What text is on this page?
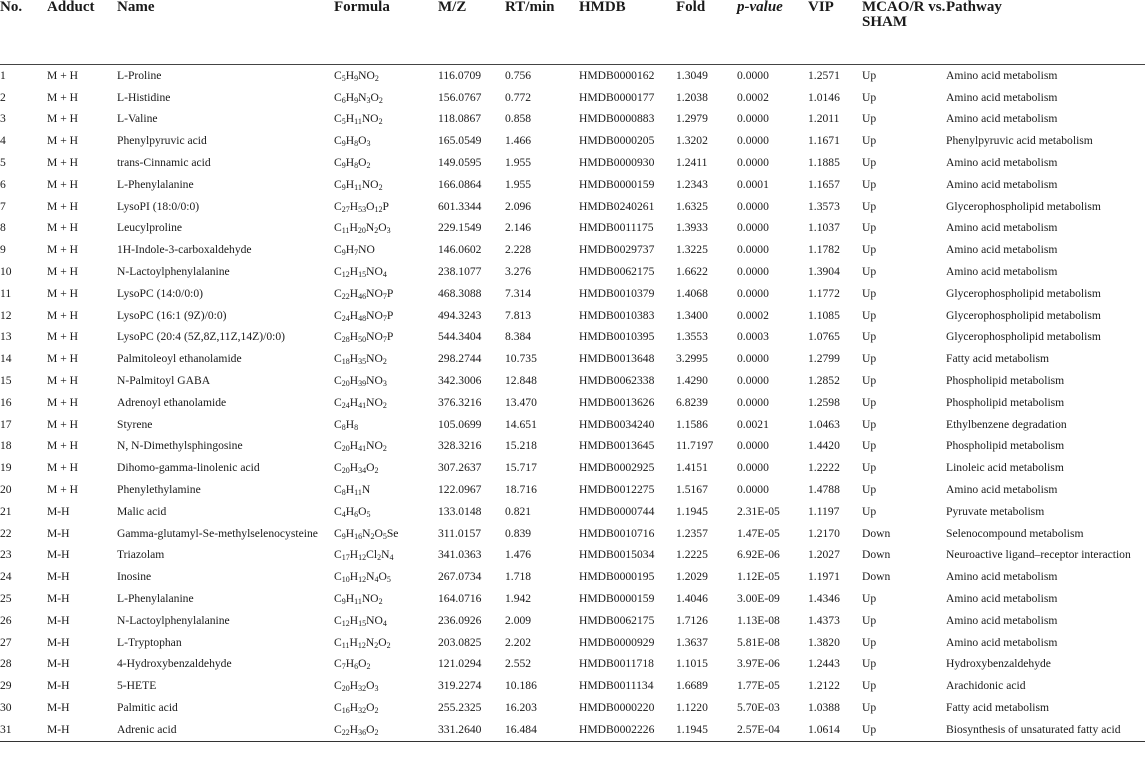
No.	Adduct	Name	Formula	M/Z	RT/min	HMDB	Fold	p-value	VIP	MCAO/R vs. SHAM	Pathway
1	M + H	L-Proline	$C_5H_9NO_2$	116.0709	0.756	HMDB0000162	1.3049	0.0000	1.2571	Up	Amino acid metabolism
2	M + H	L-Histidine	$C_6H_9N_3O_2$	156.0767	0.772	HMDB0000177	1.2038	0.0002	1.0146	Up	Amino acid metabolism
3	M + H	L-Valine	$C_5H_{11}NO_2$	118.0867	0.858	HMDB0000883	1.2979	0.0000	1.2011	Up	Amino acid metabolism
4	M + H	Phenylpyruvic acid	$C_9H_8O_3$	165.0549	1.466	HMDB0000205	1.3202	0.0000	1.1671	Up	Phenylpyruvic acid metabolism
5	M + H	trans-Cinnamic acid	$C_9H_8O_2$	149.0595	1.955	HMDB0000930	1.2411	0.0000	1.1885	Up	Amino acid metabolism
6	M + H	L-Phenylalanine	$C_9H_{11}NO_2$	166.0864	1.955	HMDB0000159	1.2343	0.0001	1.1657	Up	Amino acid metabolism
7	M + H	LysoPI (18:0/0:0)	$C_{27}H_{53}O_{12}P$	601.3344	2.096	HMDB0240261	1.6325	0.0000	1.3573	Up	Glycerophospholipid metabolism
8	M + H	Leucylproline	$C_{11}H_{20}N_2O_3$	229.1549	2.146	HMDB0011175	1.3933	0.0000	1.1037	Up	Amino acid metabolism
9	M + H	1H-Indole-3-carboxaldehyde	$C_9H_7NO$	146.0602	2.228	HMDB0029737	1.3225	0.0000	1.1782	Up	Amino acid metabolism
10	M + H	N-Lactoylphenylalanine	$C_{12}H_{15}NO_4$	238.1077	3.276	HMDB0062175	1.6622	0.0000	1.3904	Up	Amino acid metabolism
11	M + H	LysoPC (14:0/0:0)	$C_{22}H_{46}NO_7P$	468.3088	7.314	HMDB0010379	1.4068	0.0000	1.1772	Up	Glycerophospholipid metabolism
12	M + H	LysoPC (16:1 (9Z)/0:0)	$C_{24}H_{48}NO_7P$	494.3243	7.813	HMDB0010383	1.3400	0.0002	1.1085	Up	Glycerophospholipid metabolism
13	M + H	LysoPC (20:4 (5Z,8Z,11Z,14Z)/0:0)	$C_{28}H_{50}NO_7P$	544.3404	8.384	HMDB0010395	1.3553	0.0003	1.0765	Up	Glycerophospholipid metabolism
14	M + H	Palmitoleoyl ethanolamide	$C_{18}H_{35}NO_2$	298.2744	10.735	HMDB0013648	3.2995	0.0000	1.2799	Up	Fatty acid metabolism
15	M + H	N-Palmitoyl GABA	$C_{20}H_{39}NO_3$	342.3006	12.848	HMDB0062338	1.4290	0.0000	1.2852	Up	Phospholipid metabolism
16	M + H	Adrenoyl ethanolamide	$C_{24}H_{41}NO_2$	376.3216	13.470	HMDB0013626	6.8239	0.0000	1.2598	Up	Phospholipid metabolism
17	M + H	Styrene	$C_8H_8$	105.0699	14.651	HMDB0034240	1.1586	0.0021	1.0463	Up	Ethylbenzene degradation
18	M + H	N, N-Dimethylsphingosine	$C_{20}H_{41}NO_2$	328.3216	15.218	HMDB0013645	11.7197	0.0000	1.4420	Up	Phospholipid metabolism
19	M + H	Dihomo-gamma-linolenic acid	$C_{20}H_{34}O_2$	307.2637	15.717	HMDB0002925	1.4151	0.0000	1.2222	Up	Linoleic acid metabolism
20	M + H	Phenylethylamine	$C_8H_{11}N$	122.0967	18.716	HMDB0012275	1.5167	0.0000	1.4788	Up	Amino acid metabolism
21	M-H	Malic acid	$C_4H_6O_5$	133.0148	0.821	HMDB0000744	1.1945	2.31E-05	1.1197	Up	Pyruvate metabolism
22	M-H	Gamma-glutamyl-Se-methylselenocysteine	$C_9H_{16}N_2O_5Se$	311.0157	0.839	HMDB0010716	1.2357	1.47E-05	1.2170	Down	Selenocompound metabolism
23	M-H	Triazolam	$C_{17}H_{12}Cl_2N_4$	341.0363	1.476	HMDB0015034	1.2225	6.92E-06	1.2027	Down	Neuroactive ligand–receptor interaction
24	M-H	Inosine	$C_{10}H_{12}N_4O_5$	267.0734	1.718	HMDB0000195	1.2029	1.12E-05	1.1971	Down	Amino acid metabolism
25	M-H	L-Phenylalanine	$C_9H_{11}NO_2$	164.0716	1.942	HMDB0000159	1.4046	3.00E-09	1.4346	Up	Amino acid metabolism
26	M-H	N-Lactoylphenylalanine	$C_{12}H_{15}NO_4$	236.0926	2.009	HMDB0062175	1.7126	1.13E-08	1.4373	Up	Amino acid metabolism
27	M-H	L-Tryptophan	$C_{11}H_{12}N_2O_2$	203.0825	2.202	HMDB0000929	1.3637	5.81E-08	1.3820	Up	Amino acid metabolism
28	M-H	4-Hydroxybenzaldehyde	$C_7H_6O_2$	121.0294	2.552	HMDB0011718	1.1015	3.97E-06	1.2443	Up	Hydroxybenzaldehyde
29	M-H	5-HETE	$C_{20}H_{32}O_3$	319.2274	10.186	HMDB0011134	1.6689	1.77E-05	1.2122	Up	Arachidonic acid
30	M-H	Palmitic acid	$C_{16}H_{32}O_2$	255.2325	16.203	HMDB0000220	1.1220	5.70E-03	1.0388	Up	Fatty acid metabolism
31	M-H	Adrenic acid	$C_{22}H_{36}O_2$	331.2640	16.484	HMDB0002226	1.1945	2.57E-04	1.0614	Up	Biosynthesis of unsaturated fatty acid
